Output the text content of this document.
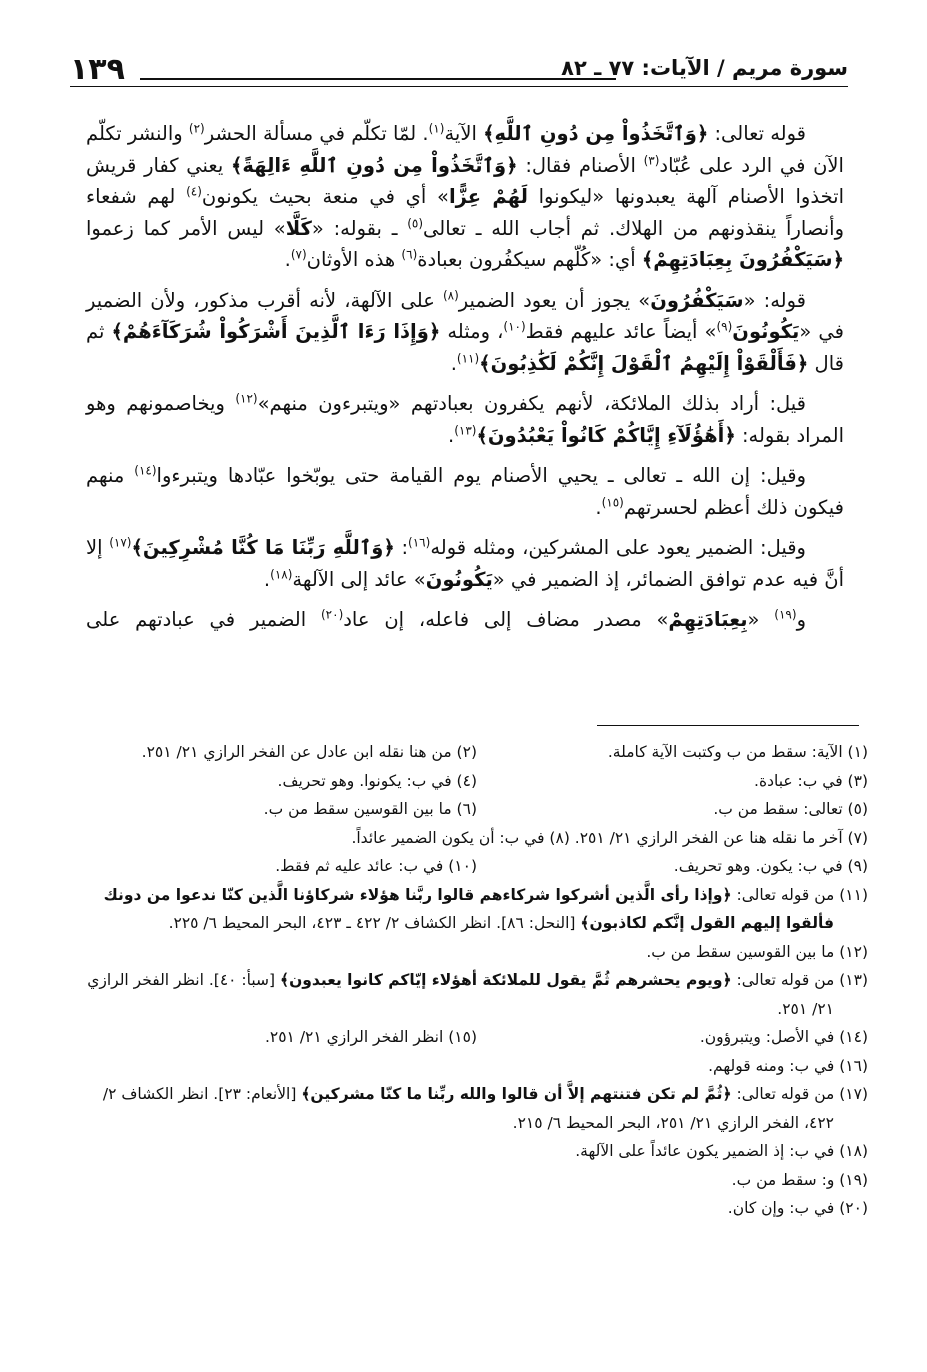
١٣٩	سورة مريم / الآيات: ٧٧ ـ ٨٢

قوله تعالى: ﴿وَٱتَّخَذُواْ مِن دُونِ ٱللَّهِ﴾ الآية$^{(١)}$. لمّا تكلّم في مسألة الحشر$^{(٢)}$ والنشر تكلّم الآن في الرد على عُبّاد$^{(٣)}$ الأصنام فقال: ﴿وَٱتَّخَذُواْ مِن دُونِ ٱللَّهِ ءَالِهَةً﴾ يعني كفار قريش اتخذوا الأصنام آلهة يعبدونها «ليكونوا لَهُمْ عِزًّا» أي في منعة بحيث يكونون$^{(٤)}$ لهم شفعاء وأنصاراً ينقذونهم من الهلاك. ثم أجاب الله ـ تعالى$^{(٥)}$ ـ بقوله: «كَلَّا» ليس الأمر كما زعموا ﴿سَيَكْفُرُونَ بِعِبَادَتِهِمْ﴾ أي: «كُلّهم سيكفُرون بعبادة$^{(٦)}$ هذه الأوثان$^{(٧)}$.

قوله: «سَيَكْفُرُونَ» يجوز أن يعود الضمير$^{(٨)}$ على الآلهة، لأنه أقرب مذكور، ولأن الضمير في «يَكُونُونَ$^{(٩)}$» أيضاً عائد عليهم فقط$^{(١٠)}$، ومثله ﴿وَإِذَا رَءَا ٱلَّذِينَ أَشْرَكُواْ شُرَكَآءَهُمْ﴾ ثم قال ﴿فَأَلْقَوْاْ إِلَيْهِمُ ٱلْقَوْلَ إِنَّكُمْ لَكَٰذِبُونَ﴾$^{(١١)}$.

قيل: أراد بذلك الملائكة، لأنهم يكفرون بعبادتهم «ويتبرءون منهم»$^{(١٢)}$ ويخاصمونهم وهو المراد بقوله: ﴿أَهَٰؤُلَآءِ إِيَّاكُمْ كَانُواْ يَعْبُدُونَ﴾$^{(١٣)}$.

وقيل: إن الله ـ تعالى ـ يحيي الأصنام يوم القيامة حتى يوبّخوا عبّادها ويتبرءوا$^{(١٤)}$ منهم فيكون ذلك أعظم لحسرتهم$^{(١٥)}$.

وقيل: الضمير يعود على المشركين، ومثله قوله$^{(١٦)}$: ﴿وَٱللَّهِ رَبِّنَا مَا كُنَّا مُشْرِكِينَ﴾$^{(١٧)}$ إلا أنَّ فيه عدم توافق الضمائر، إذ الضمير في «يَكُونُونَ» عائد إلى الآلهة$^{(١٨)}$.

و$^{(١٩)}$ «بِعِبَادَتِهِمْ» مصدر مضاف إلى فاعله، إن عاد$^{(٢٠)}$ الضمير في عبادتهم على

(١) الآية: سقط من ب وكتبت الآية كاملة.
(٢) من هنا نقله ابن عادل عن الفخر الرازي ٢١/ ٢٥١.
(٣) في ب: عبادة.
(٤) في ب: يكونوا. وهو تحريف.
(٥) تعالى: سقط من ب.
(٦) ما بين القوسين سقط من ب.
(٧) آخر ما نقله هنا عن الفخر الرازي ٢١/ ٢٥١. (٨) في ب: أن يكون الضمير عائداً.
(٩) في ب: يكون. وهو تحريف.
(١٠) في ب: عائد عليه ثم فقط.
(١١) من قوله تعالى: ﴿وإذا رأى الَّذين أشركوا شركاءهم قالوا ربَّنا هؤلاء شركاؤنا الَّذين كنّا ندعوا من دونك فألقوا إليهم القول إنَّكم لكاذبون﴾ [النحل: ٨٦]. انظر الكشاف ٢/ ٤٢٢ ـ ٤٢٣، البحر المحيط ٦/ ٢٢٥.
(١٢) ما بين القوسين سقط من ب.
(١٣) من قوله تعالى: ﴿ويوم يحشرهم ثُمَّ يقول للملائكة أهؤلاء إيّاكم كانوا يعبدون﴾ [سبأ: ٤٠]. انظر الفخر الرازي ٢١/ ٢٥١.
(١٤) في الأصل: ويتبرؤون.
(١٥) انظر الفخر الرازي ٢١/ ٢٥١.
(١٦) في ب: ومنه قولهم.
(١٧) من قوله تعالى: ﴿ثُمَّ لم تكن فتنتهم إلاَّ أن قالوا والله ربِّنا ما كنّا مشركين﴾ [الأنعام: ٢٣]. انظر الكشاف ٢/ ٤٢٢، الفخر الرازي ٢١/ ٢٥١، البحر المحيط ٦/ ٢١٥.
(١٨) في ب: إذ الضمير يكون عائداً على الآلهة.
(١٩) و: سقط من ب.
(٢٠) في ب: وإن كان.
